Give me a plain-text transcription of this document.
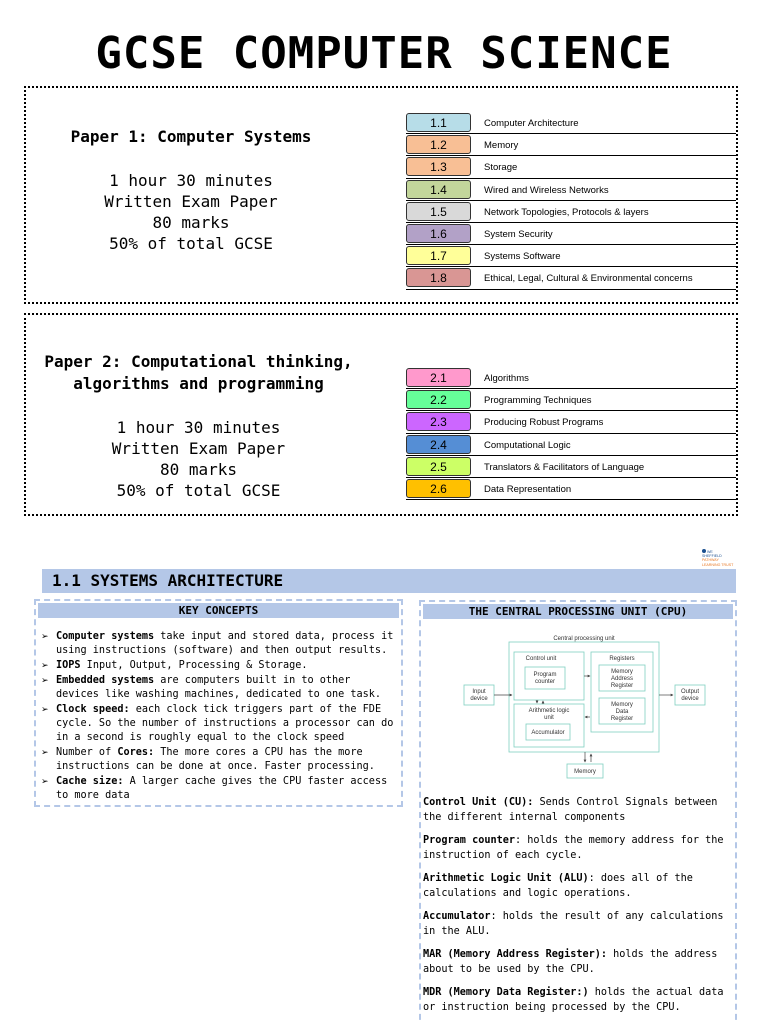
GCSE COMPUTER SCIENCE
Paper 1: Computer Systems
1 hour 30 minutes
Written Exam Paper
80 marks
50% of total GCSE
1.1	Computer Architecture
1.2	Memory
1.3	Storage
1.4	Wired and Wireless Networks
1.5	Network Topologies, Protocols & layers
1.6	System Security
1.7	Systems Software
1.8	Ethical, Legal, Cultural & Environmental concerns
Paper 2: Computational thinking,
algorithms and programming
1 hour 30 minutes
Written Exam Paper
80 marks
50% of total GCSE
2.1	Algorithms
2.2	Programming Techniques
2.3	Producing Robust Programs
2.4	Computational Logic
2.5	Translators & Facilitators of Language
2.6	Data Representation
WE
SHEFFIELD
PATHWAY
LEARNING TRUST
1.1 SYSTEMS ARCHITECTURE
KEY CONCEPTS
➢ Computer systems take input and stored data, process it using instructions (software) and then output results.
➢ IOPS Input, Output, Processing & Storage.
➢ Embedded systems are computers built in to other devices like washing machines, dedicated to one task.
➢ Clock speed: each clock tick triggers part of the FDE cycle. So the number of instructions a processor can do in a second is roughly equal to the clock speed
➢ Number of Cores: The more cores a CPU has the more instructions can be done at once. Faster processing.
➢ Cache size: A larger cache gives the CPU faster access to more data
THE CENTRAL PROCESSING UNIT (CPU)
Central processing unit
Control unit
Program
counter
Registers
Memory
Address
Register
Memory
Data
Register
Arithmetic logic
unit
Accumulator
Input
device
Output
device
Memory

Control Unit (CU): Sends Control Signals between the different internal components

Program counter: holds the memory address for the instruction of each cycle.

Arithmetic Logic Unit (ALU): does all of the calculations and logic operations.

Accumulator: holds the result of any calculations in the ALU.

MAR (Memory Address Register): holds the address about to be used by the CPU.

MDR (Memory Data Register:) holds the actual data or instruction being processed by the CPU.
